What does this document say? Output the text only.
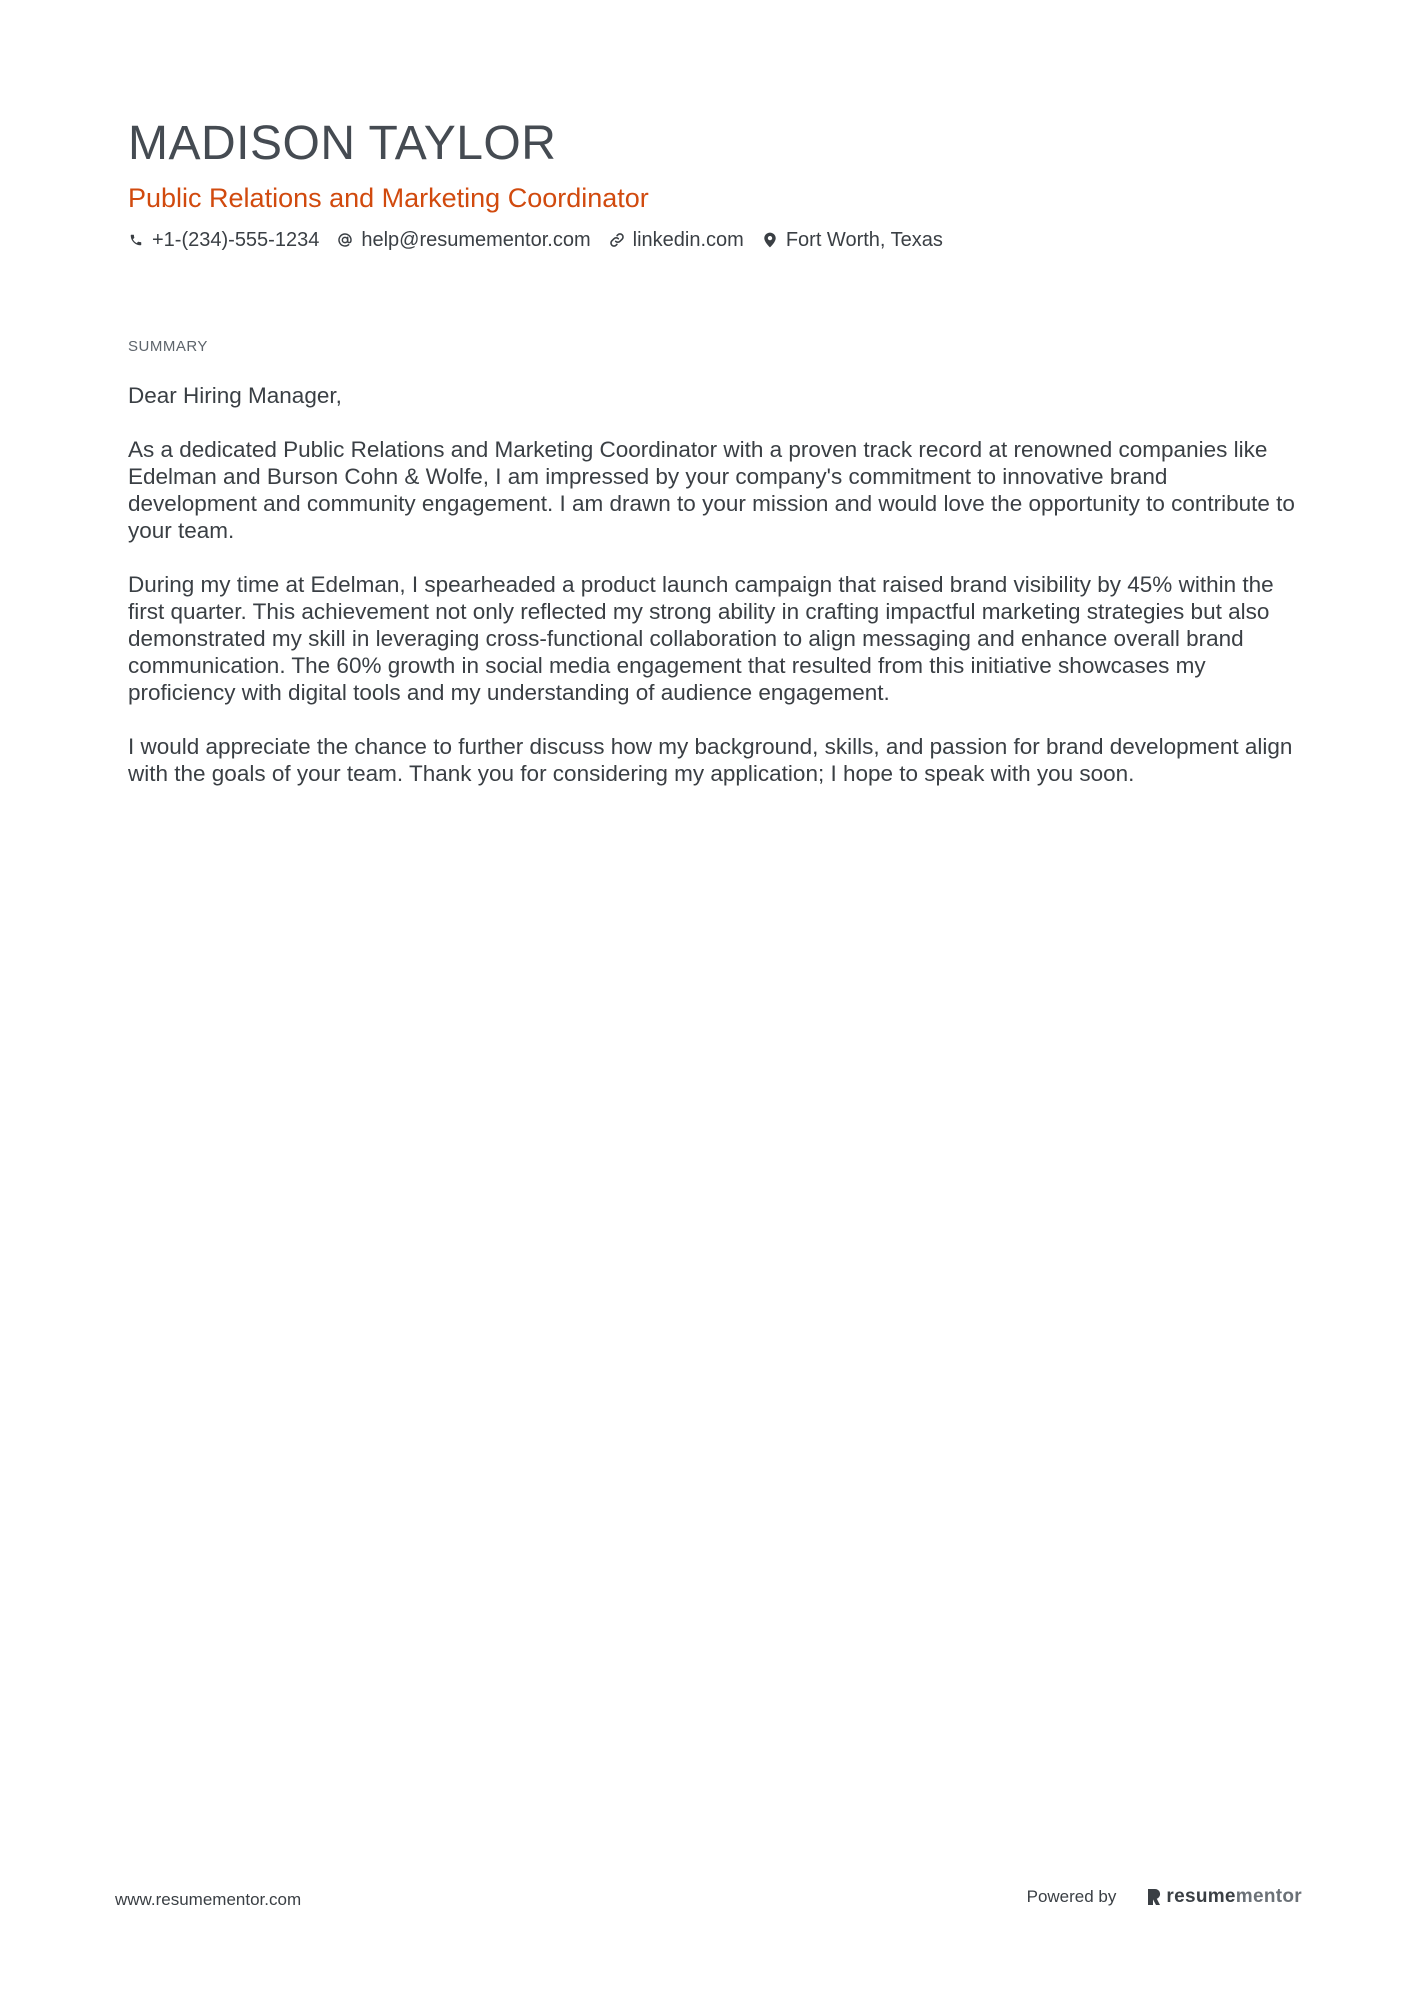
MADISON TAYLOR
Public Relations and Marketing Coordinator
+1-(234)-555-1234 help@resumementor.com linkedin.com Fort Worth, Texas
SUMMARY

Dear Hiring Manager,

As a dedicated Public Relations and Marketing Coordinator with a proven track record at renowned companies like Edelman and Burson Cohn & Wolfe, I am impressed by your company's commitment to innovative brand development and community engagement. I am drawn to your mission and would love the opportunity to contribute to your team.

During my time at Edelman, I spearheaded a product launch campaign that raised brand visibility by 45% within the first quarter. This achievement not only reflected my strong ability in crafting impactful marketing strategies but also demonstrated my skill in leveraging cross-functional collaboration to align messaging and enhance overall brand communication. The 60% growth in social media engagement that resulted from this initiative showcases my proficiency with digital tools and my understanding of audience engagement.

I would appreciate the chance to further discuss how my background, skills, and passion for brand development align with the goals of your team. Thank you for considering my application; I hope to speak with you soon.

www.resumementor.com	Powered by	resume mentor
